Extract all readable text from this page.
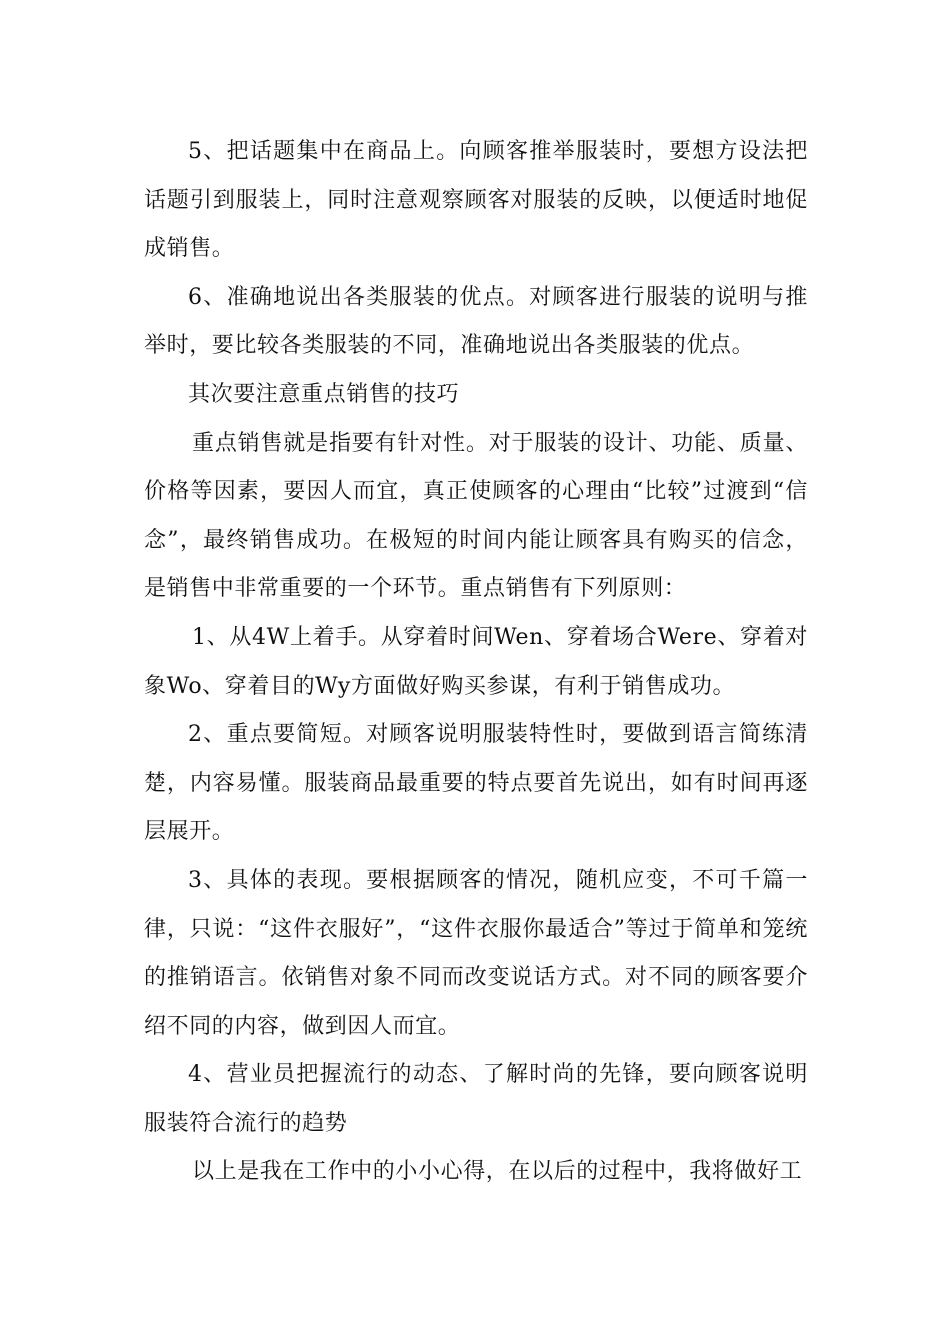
5、把话题集中在商品上。向顾客推举服装时，要想方设法把话题引到服装上，同时注意观察顾客对服装的反映，以便适时地促成销售。

6、准确地说出各类服装的优点。对顾客进行服装的说明与推举时，要比较各类服装的不同，准确地说出各类服装的优点。

其次要注意重点销售的技巧

重点销售就是指要有针对性。对于服装的设计、功能、质量、价格等因素，要因人而宜，真正使顾客的心理由“比较”过渡到“信念”，最终销售成功。在极短的时间内能让顾客具有购买的信念，是销售中非常重要的一个环节。重点销售有下列原则：

1、从4W上着手。从穿着时间Wen、穿着场合Were、穿着对象Wo、穿着目的Wy方面做好购买参谋，有利于销售成功。

2、重点要简短。对顾客说明服装特性时，要做到语言简练清楚，内容易懂。服装商品最重要的特点要首先说出，如有时间再逐层展开。

3、具体的表现。要根据顾客的情况，随机应变，不可千篇一律，只说：“这件衣服好”，“这件衣服你最适合”等过于简单和笼统的推销语言。依销售对象不同而改变说话方式。对不同的顾客要介绍不同的内容，做到因人而宜。

4、营业员把握流行的动态、了解时尚的先锋，要向顾客说明服装符合流行的趋势

以上是我在工作中的小小心得，在以后的过程中，我将做好工
